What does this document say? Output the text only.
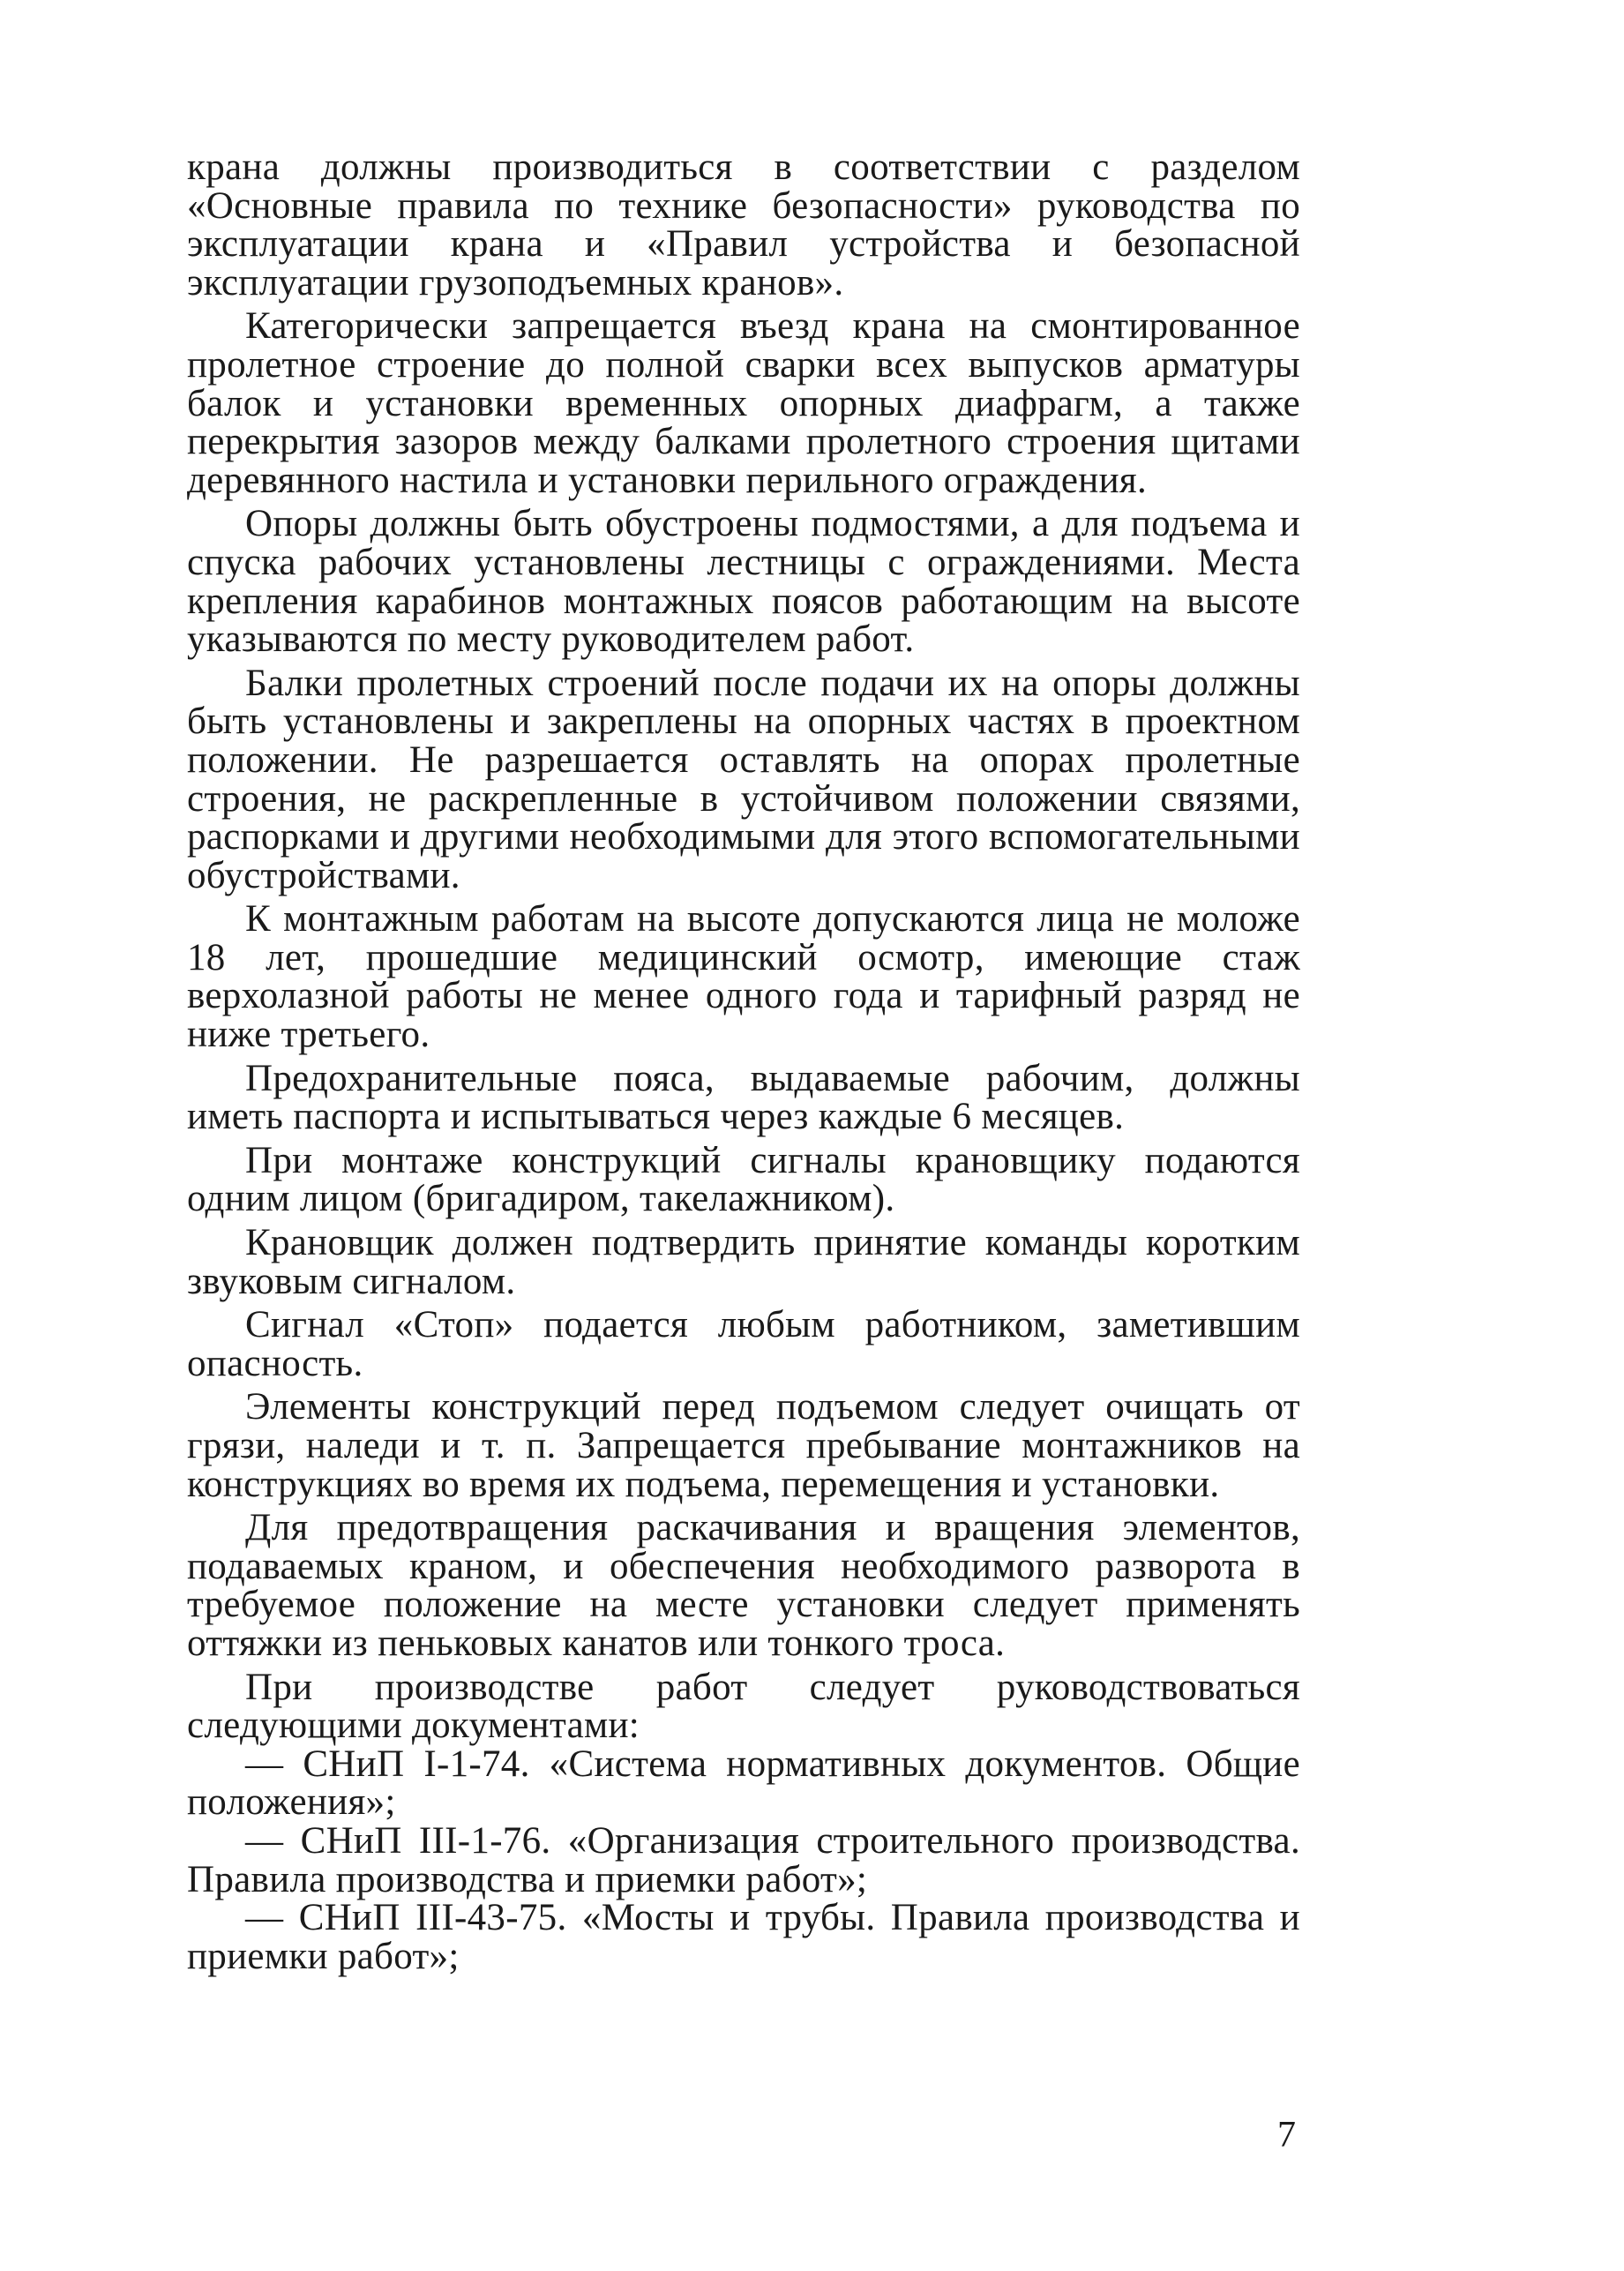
крана должны производиться в соответствии с разделом «Основные правила по технике безопасности» руководства по эксплуатации крана и «Правил устройства и безопасной эксплуатации грузоподъемных кранов».

Категорически запрещается въезд крана на смонтированное пролетное строение до полной сварки всех выпусков арматуры балок и установки временных опорных диафрагм, а также перекрытия зазоров между балками пролетного строения щитами деревянного настила и установки перильного ограждения.

Опоры должны быть обустроены подмостями, а для подъема и спуска рабочих установлены лестницы с ограждениями. Места крепления карабинов монтажных поясов работающим на высоте указываются по месту руководителем работ.

Балки пролетных строений после подачи их на опоры должны быть установлены и закреплены на опорных частях в проектном положении. Не разрешается оставлять на опорах пролетные строения, не раскрепленные в устойчивом положении связями, распорками и другими необходимыми для этого вспомогательными обустройствами.

К монтажным работам на высоте допускаются лица не моложе 18 лет, прошедшие медицинский осмотр, имеющие стаж верхолазной работы не менее одного года и тарифный разряд не ниже третьего.

Предохранительные пояса, выдаваемые рабочим, должны иметь паспорта и испытываться через каждые 6 месяцев.

При монтаже конструкций сигналы крановщику подаются одним лицом (бригадиром, такелажником).

Крановщик должен подтвердить принятие команды коротким звуковым сигналом.

Сигнал «Стоп» подается любым работником, заметившим опасность.

Элементы конструкций перед подъемом следует очищать от грязи, наледи и т. п. Запрещается пребывание монтажников на конструкциях во время их подъема, перемещения и установки.

Для предотвращения раскачивания и вращения элементов, подаваемых краном, и обеспечения необходимого разворота в требуемое положение на месте установки следует применять оттяжки из пеньковых канатов или тонкого троса.

При производстве работ следует руководствоваться следующими документами:

— СНиП I-1-74. «Система нормативных документов. Общие положения»;

— СНиП III-1-76. «Организация строительного производства. Правила производства и приемки работ»;

— СНиП III-43-75. «Мосты и трубы. Правила производства и приемки работ»;

7
